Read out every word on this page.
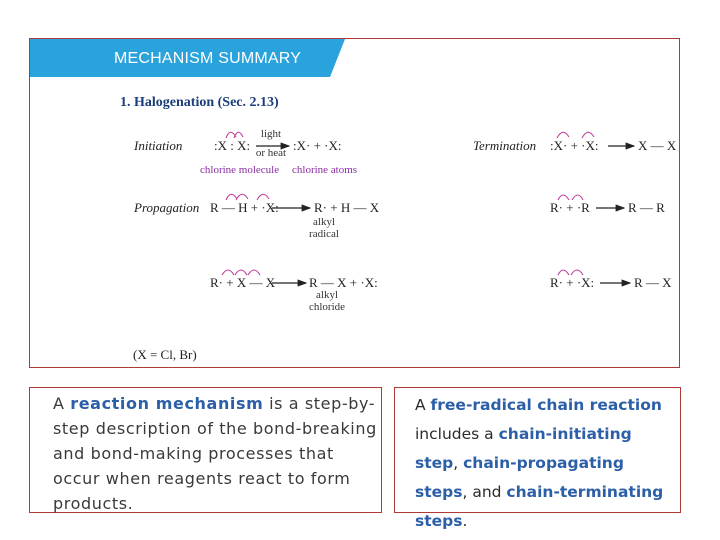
MECHANISM SUMMARY
1. Halogenation (Sec. 2.13)
Initiation :X : X:
light
or heat :X· + ·X:
chlorine molecule chlorine atoms
Propagation R — H + ·X:	R· + H — X
alkyl
radical
R· + X — X	R — X + ·X:
alkyl
chloride
Termination :X· + ·X:	X — X
R· + ·R	R — R
R· + ·X:	R — X
(X = Cl, Br)
A reaction mechanism is a step-by-step description of the bond-breaking and bond-making processes that occur when reagents react to form products.
A free-radical chain reaction includes a chain-initiating step, chain-propagating steps, and chain-terminating steps.
